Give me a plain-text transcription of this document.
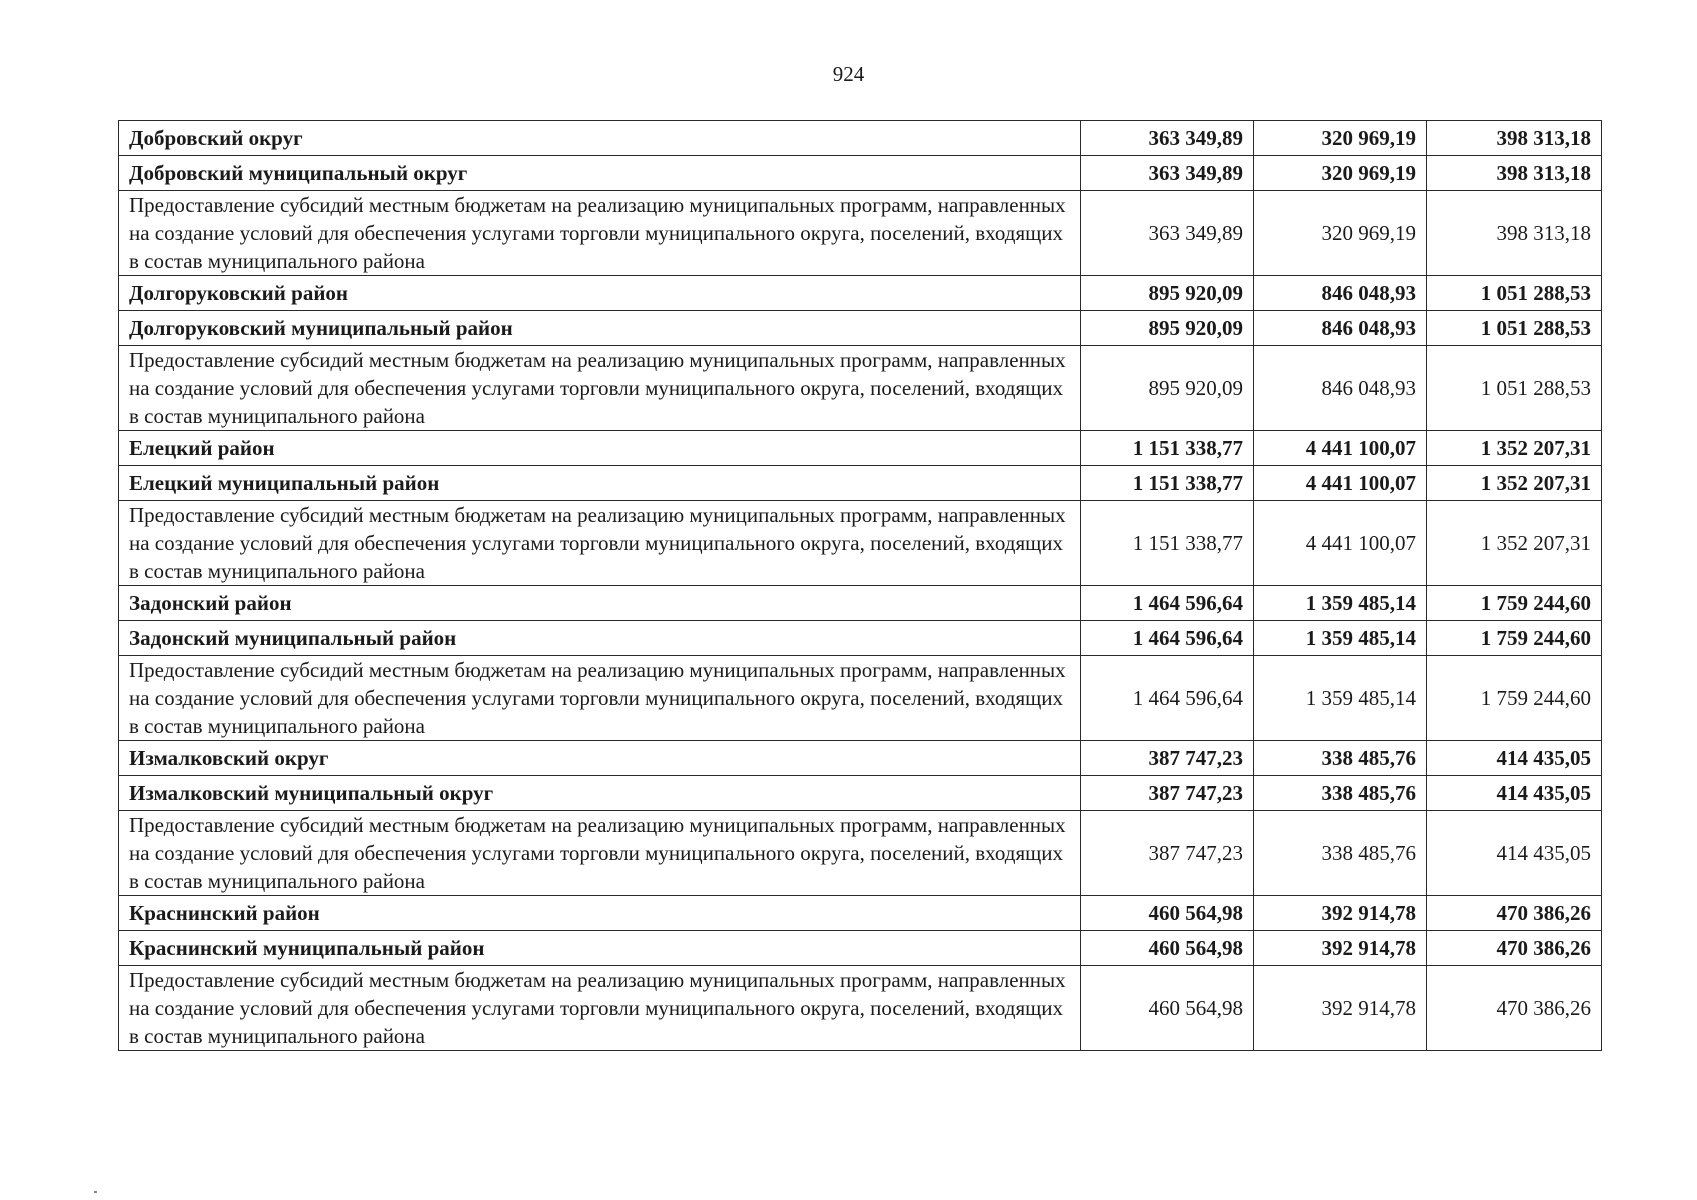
924
Добровский округ	363 349,89	320 969,19	398 313,18
Добровский муниципальный округ	363 349,89	320 969,19	398 313,18
Предоставление субсидий местным бюджетам на реализацию муниципальных программ, направленных на создание условий для обеспечения услугами торговли муниципального округа, поселений, входящих в состав муниципального района	363 349,89	320 969,19	398 313,18
Долгоруковский район	895 920,09	846 048,93	1 051 288,53
Долгоруковский муниципальный район	895 920,09	846 048,93	1 051 288,53
Предоставление субсидий местным бюджетам на реализацию муниципальных программ, направленных на создание условий для обеспечения услугами торговли муниципального округа, поселений, входящих в состав муниципального района	895 920,09	846 048,93	1 051 288,53
Елецкий район	1 151 338,77	4 441 100,07	1 352 207,31
Елецкий муниципальный район	1 151 338,77	4 441 100,07	1 352 207,31
Предоставление субсидий местным бюджетам на реализацию муниципальных программ, направленных на создание условий для обеспечения услугами торговли муниципального округа, поселений, входящих в состав муниципального района	1 151 338,77	4 441 100,07	1 352 207,31
Задонский район	1 464 596,64	1 359 485,14	1 759 244,60
Задонский муниципальный район	1 464 596,64	1 359 485,14	1 759 244,60
Предоставление субсидий местным бюджетам на реализацию муниципальных программ, направленных на создание условий для обеспечения услугами торговли муниципального округа, поселений, входящих в состав муниципального района	1 464 596,64	1 359 485,14	1 759 244,60
Измалковский округ	387 747,23	338 485,76	414 435,05
Измалковский муниципальный округ	387 747,23	338 485,76	414 435,05
Предоставление субсидий местным бюджетам на реализацию муниципальных программ, направленных на создание условий для обеспечения услугами торговли муниципального округа, поселений, входящих в состав муниципального района	387 747,23	338 485,76	414 435,05
Краснинский район	460 564,98	392 914,78	470 386,26
Краснинский муниципальный район	460 564,98	392 914,78	470 386,26
Предоставление субсидий местным бюджетам на реализацию муниципальных программ, направленных на создание условий для обеспечения услугами торговли муниципального округа, поселений, входящих в состав муниципального района	460 564,98	392 914,78	470 386,26
